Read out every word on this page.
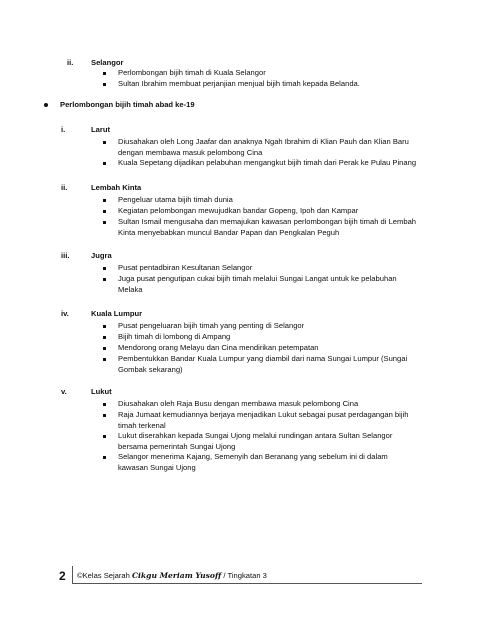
ii. Selangor
Perlombongan bijih timah di Kuala Selangor
Sultan Ibrahim membuat perjanjian menjual bijih timah kepada Belanda.
Perlombongan bijih timah abad ke-19
i.	Larut
Diusahakan oleh Long Jaafar dan anaknya Ngah Ibrahim di Klian Pauh dan Klian Baru
dengan membawa masuk pelombong Cina
Kuala Sepetang dijadikan pelabuhan mengangkut bijih timah dari Perak ke Pulau Pinang
ii.	Lembah Kinta
Pengeluar utama bijih timah dunia
Kegiatan pelombongan mewujudkan bandar Gopeng, Ipoh dan Kampar
Sultan Ismail mengusaha dan memajukan kawasan perlombongan bijih timah di Lembah
Kinta menyebabkan muncul Bandar Papan dan Pengkalan Peguh
iii.	Jugra
Pusat pentadbiran Kesultanan Selangor
Juga pusat pengutipan cukai bijih timah melalui Sungai Langat untuk ke pelabuhan
Melaka
iv.	Kuala Lumpur
Pusat pengeluaran bijih timah yang penting di Selangor
Bijih timah di lombong di Ampang
Mendorong orang Melayu dan Cina mendirikan petempatan
Pembentukkan Bandar Kuala Lumpur yang diambil dari nama Sungai Lumpur (Sungai
Gombak sekarang)
v.	Lukut
Diusahakan oleh Raja Busu dengan membawa masuk pelombong Cina
Raja Jumaat kemudiannya berjaya menjadikan Lukut sebagai pusat perdagangan bijih
timah terkenal
Lukut diserahkan kepada Sungai Ujong melalui rundingan antara Sultan Selangor
bersama pemerintah Sungai Ujong
Selangor menerima Kajang, Semenyih dan Beranang yang sebelum ini di dalam
kawasan Sungai Ujong
2 ©Kelas Sejarah Cikgu Meriam Yusoff / Tingkatan 3
